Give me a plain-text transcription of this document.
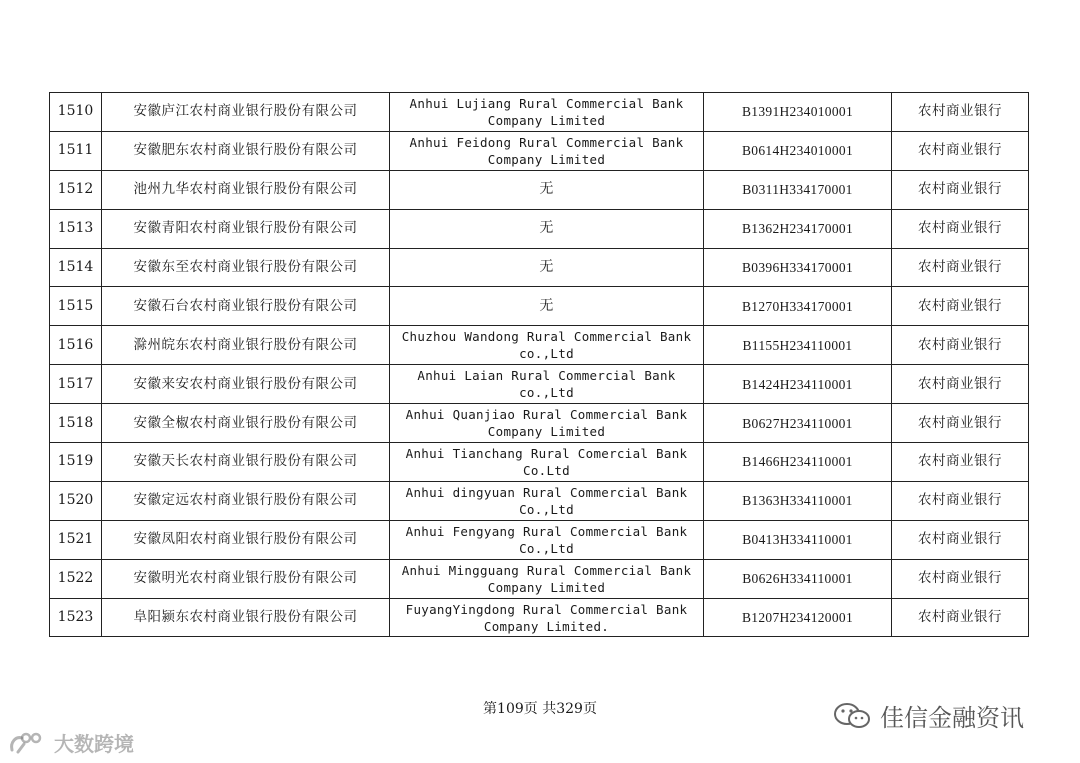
1510	安徽庐江农村商业银行股份有限公司	Anhui Lujiang Rural Commercial Bank Company Limited	B1391H234010001	农村商业银行
1511	安徽肥东农村商业银行股份有限公司	Anhui Feidong Rural Commercial Bank Company Limited	B0614H234010001	农村商业银行
1512	池州九华农村商业银行股份有限公司	无	B0311H334170001	农村商业银行
1513	安徽青阳农村商业银行股份有限公司	无	B1362H234170001	农村商业银行
1514	安徽东至农村商业银行股份有限公司	无	B0396H334170001	农村商业银行
1515	安徽石台农村商业银行股份有限公司	无	B1270H334170001	农村商业银行
1516	滁州皖东农村商业银行股份有限公司	Chuzhou Wandong Rural Commercial Bank co.,Ltd	B1155H234110001	农村商业银行
1517	安徽来安农村商业银行股份有限公司	Anhui Laian Rural Commercial Bank co.,Ltd	B1424H234110001	农村商业银行
1518	安徽全椒农村商业银行股份有限公司	Anhui Quanjiao Rural Commercial Bank Company Limited	B0627H234110001	农村商业银行
1519	安徽天长农村商业银行股份有限公司	Anhui Tianchang Rural Comercial Bank Co.Ltd	B1466H234110001	农村商业银行
1520	安徽定远农村商业银行股份有限公司	Anhui dingyuan Rural Commercial Bank Co.,Ltd	B1363H334110001	农村商业银行
1521	安徽凤阳农村商业银行股份有限公司	Anhui Fengyang Rural Commercial Bank Co.,Ltd	B0413H334110001	农村商业银行
1522	安徽明光农村商业银行股份有限公司	Anhui Mingguang Rural Commercial Bank Company Limited	B0626H334110001	农村商业银行
1523	阜阳颍东农村商业银行股份有限公司	FuyangYingdong Rural Commercial Bank Company Limited.	B1207H234120001	农村商业银行
第109页 共329页
大数跨境
佳信金融资讯
